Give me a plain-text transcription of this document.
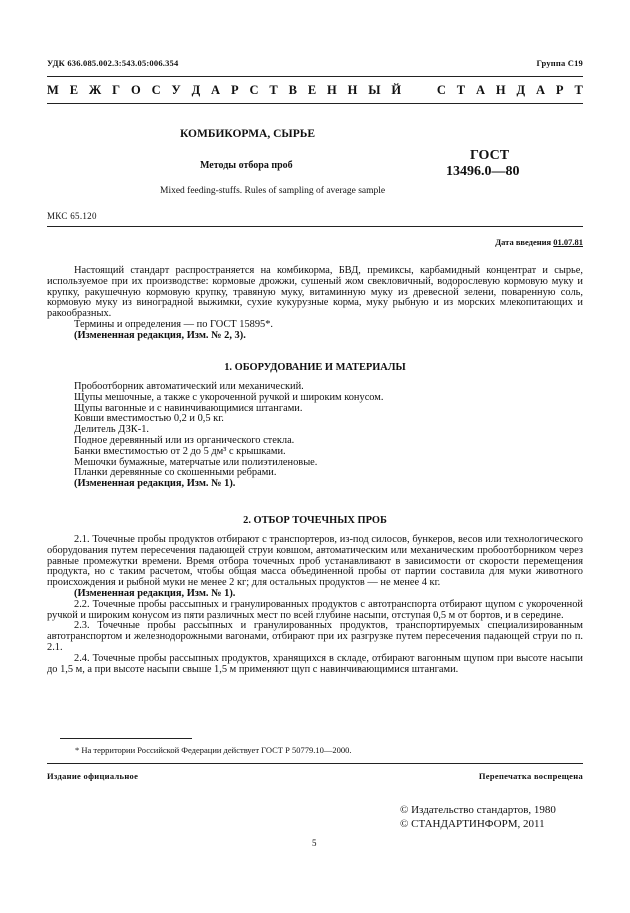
УДК 636.085.002.3:543.05:006.354	Группа С19
М Е Ж Г О С У Д А Р С Т В Е Н Н Ы Й	С Т А Н Д А Р Т
КОМБИКОРМА, СЫРЬЕ
Методы отбора проб
ГОСТ
13496.0—80
Mixed feeding-stuffs. Rules of sampling of average sample
МКС 65.120
Дата введения 01.07.81

Настоящий стандарт распространяется на комбикорма, БВД, премиксы, карбамидный концентрат и сырье, используемое при их производстве: кормовые дрожжи, сушеный жом свекловичный, водорослевую кормовую муку и крупку, ракушечную кормовую крупку, травяную муку, витаминную муку из древесной зелени, поваренную соль, кормовую муку из виноградной выжимки, сухие кукурузные корма, муку рыбную и из морских млекопитающих и ракообразных.

Термины и определения — по ГОСТ 15895*.

(Измененная редакция, Изм. № 2, 3).

1. ОБОРУДОВАНИЕ И МАТЕРИАЛЫ

Пробоотборник автоматический или механический.

Щупы мешочные, а также с укороченной ручкой и широким конусом.

Щупы вагонные и с навинчивающимися штангами.

Ковши вместимостью 0,2 и 0,5 кг.

Делитель ДЗК-1.

Подное деревянный или из органического стекла.

Банки вместимостью от 2 до 5 дм³ с крышками.

Мешочки бумажные, матерчатые или полиэтиленовые.

Планки деревянные со скошенными ребрами.

(Измененная редакция, Изм. № 1).

2. ОТБОР ТОЧЕЧНЫХ ПРОБ

2.1. Точечные пробы продуктов отбирают с транспортеров, из-под силосов, бункеров, весов или технологического оборудования путем пересечения падающей струи ковшом, автоматическим или механическим пробоотборником через равные промежутки времени. Время отбора точечных проб устанавливают в зависимости от скорости перемещения продукта, но с таким расчетом, чтобы общая масса объединенной пробы от партии составила для муки животного происхождения и рыбной муки не менее 2 кг; для остальных продуктов — не менее 4 кг.

(Измененная редакция, Изм. № 1).

2.2. Точечные пробы рассыпных и гранулированных продуктов с автотранспорта отбирают щупом с укороченной ручкой и широким конусом из пяти различных мест по всей глубине насыпи, отступая 0,5 м от бортов, и в середине.

2.3. Точечные пробы рассыпных и гранулированных продуктов, транспортируемых специализированным автотранспортом и железнодорожными вагонами, отбирают при их разгрузке путем пересечения падающей струи по п. 2.1.

2.4. Точечные пробы рассыпных продуктов, хранящихся в складе, отбирают вагонным щупом при высоте насыпи до 1,5 м, а при высоте насыпи свыше 1,5 м применяют щуп с навинчивающимися штангами.

* На территории Российской Федерации действует ГОСТ Р 50779.10—2000.
Издание официальное	Перепечатка воспрещена
© Издательство стандартов, 1980
© СТАНДАРТИНФОРМ, 2011
5
